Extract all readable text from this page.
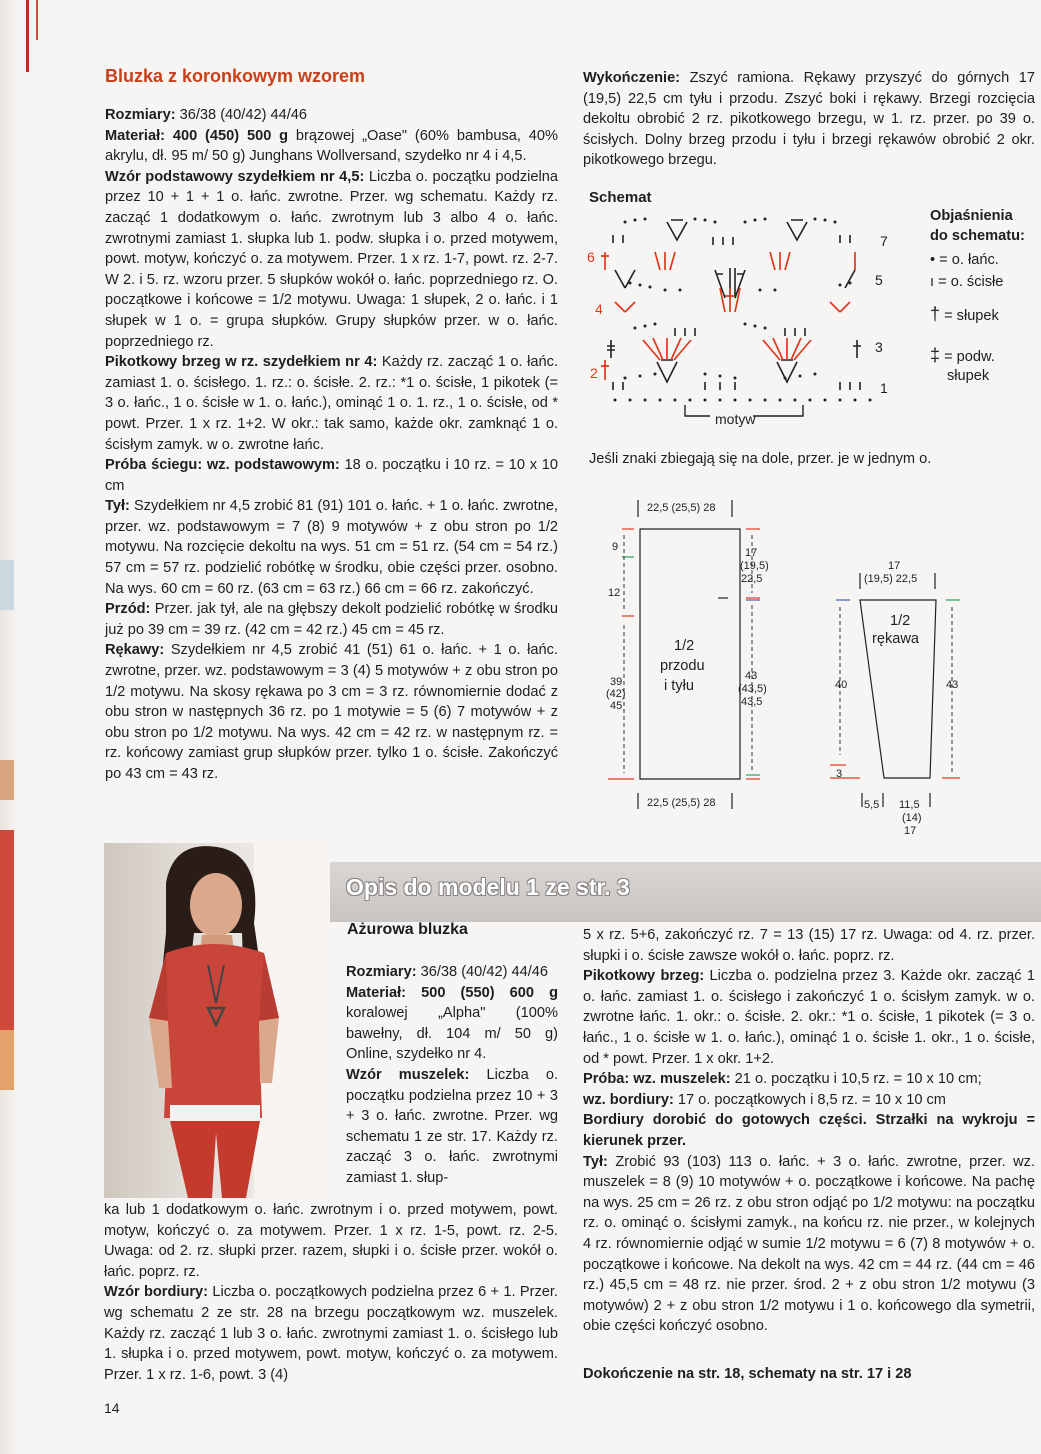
Bluzka z koronkowym wzorem

Rozmiary: 36/38 (40/42) 44/46

Materiał: 400 (450) 500 g brązowej „Oase" (60% bambusa, 40% akrylu, dł. 95 m/ 50 g) Junghans Wollversand, szydełko nr 4 i 4,5.

Wzór podstawowy szydełkiem nr 4,5: Liczba o. początku podzielna przez 10 + 1 + 1 o. łańc. zwrotne. Przer. wg schematu. Każdy rz. zacząć 1 dodatkowym o. łańc. zwrotnym lub 3 albo 4 o. łańc. zwrotnymi zamiast 1. słupka lub 1. podw. słupka i o. przed motywem, powt. motyw, kończyć o. za motywem. Przer. 1 x rz. 1-7, powt. rz. 2-7. W 2. i 5. rz. wzoru przer. 5 słupków wokół o. łańc. poprzedniego rz. O. początkowe i końcowe = 1/2 motywu. Uwaga: 1 słupek, 2 o. łańc. i 1 słupek w 1 o. = grupa słupków. Grupy słupków przer. w o. łańc. poprzedniego rz.

Pikotkowy brzeg w rz. szydełkiem nr 4: Każdy rz. zacząć 1 o. łańc. zamiast 1. o. ścisłego. 1. rz.: o. ścisłe. 2. rz.: *1 o. ścisłe, 1 pikotek (= 3 o. łańc., 1 o. ścisłe w 1. o. łańc.), ominąć 1 o. 1. rz., 1 o. ścisłe, od * powt. Przer. 1 x rz. 1+2. W okr.: tak samo, każde okr. zamknąć 1 o. ścisłym zamyk. w o. zwrotne łańc.

Próba ściegu: wz. podstawowym: 18 o. początku i 10 rz. = 10 x 10 cm

Tył: Szydełkiem nr 4,5 zrobić 81 (91) 101 o. łańc. + 1 o. łańc. zwrotne, przer. wz. podstawowym = 7 (8) 9 motywów + z obu stron po 1/2 motywu. Na rozcięcie dekoltu na wys. 51 cm = 51 rz. (54 cm = 54 rz.) 57 cm = 57 rz. podzielić robótkę w środku, obie części przer. osobno. Na wys. 60 cm = 60 rz. (63 cm = 63 rz.) 66 cm = 66 rz. zakończyć.

Przód: Przer. jak tył, ale na głębszy dekolt podzielić robótkę w środku już po 39 cm = 39 rz. (42 cm = 42 rz.) 45 cm = 45 rz.

Rękawy: Szydełkiem nr 4,5 zrobić 41 (51) 61 o. łańc. + 1 o. łańc. zwrotne, przer. wz. podstawowym = 3 (4) 5 motywów + z obu stron po 1/2 motywu. Na skosy rękawa po 3 cm = 3 rz. równomiernie dodać z obu stron w następnych 36 rz. po 1 motywie = 5 (6) 7 motywów + z obu stron po 1/2 motywu. Na wys. 42 cm = 42 rz. w następnym rz. = rz. końcowy zamiast grup słupków przer. tylko 1 o. ścisłe. Zakończyć po 43 cm = 43 rz.

Wykończenie: Zszyć ramiona. Rękawy przyszyć do górnych 17 (19,5) 22,5 cm tyłu i przodu. Zszyć boki i rękawy. Brzegi rozcięcia dekoltu obrobić 2 rz. pikotkowego brzegu, w 1. rz. przer. po 39 o. ścisłych. Dolny brzeg przodu i tyłu i brzegi rękawów obrobić 2 okr. pikotkowego brzegu.

Schemat
motyw
7
6
5
4
3
2
1
Objaśnienia
do schematu:
• = o. łańc.
ı = o. ścisłe
† = słupek
‡ = podw.
słupek
Jeśli znaki zbiegają się na dole, przer. je w jednym o.
22,5 (25,5) 28
22,5 (25,5) 28
9
12
39
(42)
45
17
(19,5)
22,5
43
(43,5)
43,5
1/2
przodu
i tyłu
17
(19,5) 22,5
1/2
rękawa
40	43
3
5,5 11,5
(14)
17
Opis do modelu 1 ze str. 3
Ażurowa bluzka

Rozmiary: 36/38 (40/42) 44/46

Materiał: 500 (550) 600 g koralowej „Alpha" (100% bawełny, dł. 104 m/ 50 g) Online, szydełko nr 4.

Wzór muszelek: Liczba o. początku podzielna przez 10 + 3 + 3 o. łańc. zwrotne. Przer. wg schematu 1 ze str. 17. Każdy rz. zacząć 3 o. łańc. zwrotnymi zamiast 1. słup-

ka lub 1 dodatkowym o. łańc. zwrotnym i o. przed motywem, powt. motyw, kończyć o. za motywem. Przer. 1 x rz. 1-5, powt. rz. 2-5. Uwaga: od 2. rz. słupki przer. razem, słupki i o. ścisłe przer. wokół o. łańc. poprz. rz.

Wzór bordiury: Liczba o. początkowych podzielna przez 6 + 1. Przer. wg schematu 2 ze str. 28 na brzegu początkowym wz. muszelek. Każdy rz. zacząć 1 lub 3 o. łańc. zwrotnymi zamiast 1. o. ścisłego lub 1. słupka i o. przed motywem, powt. motyw, kończyć o. za motywem. Przer. 1 x rz. 1-6, powt. 3 (4)

5 x rz. 5+6, zakończyć rz. 7 = 13 (15) 17 rz. Uwaga: od 4. rz. przer. słupki i o. ścisłe zawsze wokół o. łańc. poprz. rz.

Pikotkowy brzeg: Liczba o. podzielna przez 3. Każde okr. zacząć 1 o. łańc. zamiast 1. o. ścisłego i zakończyć 1 o. ścisłym zamyk. w o. zwrotne łańc. 1. okr.: o. ścisłe. 2. okr.: *1 o. ścisłe, 1 pikotek (= 3 o. łańc., 1 o. ścisłe w 1. o. łańc.), ominąć 1 o. ścisłe 1. okr., 1 o. ścisłe, od * powt. Przer. 1 x okr. 1+2.

Próba: wz. muszelek: 21 o. początku i 10,5 rz. = 10 x 10 cm;

wz. bordiury: 17 o. początkowych i 8,5 rz. = 10 x 10 cm

Bordiury dorobić do gotowych części. Strzałki na wykroju = kierunek przer.

Tył: Zrobić 93 (103) 113 o. łańc. + 3 o. łańc. zwrotne, przer. wz. muszelek = 8 (9) 10 motywów + o. początkowe i końcowe. Na pachę na wys. 25 cm = 26 rz. z obu stron odjąć po 1/2 motywu: na początku rz. o. ominąć o. ścisłymi zamyk., na końcu rz. nie przer., w kolejnych 4 rz. równomiernie odjąć w sumie 1/2 motywu = 6 (7) 8 motywów + o. początkowe i końcowe. Na dekolt na wys. 42 cm = 44 rz. (44 cm = 46 rz.) 45,5 cm = 48 rz. nie przer. środ. 2 + z obu stron 1/2 motywu (3 motywów) 2 + z obu stron 1/2 motywu i 1 o. końcowego dla symetrii, obie części kończyć osobno.

Dokończenie na str. 18, schematy na str. 17 i 28
14
